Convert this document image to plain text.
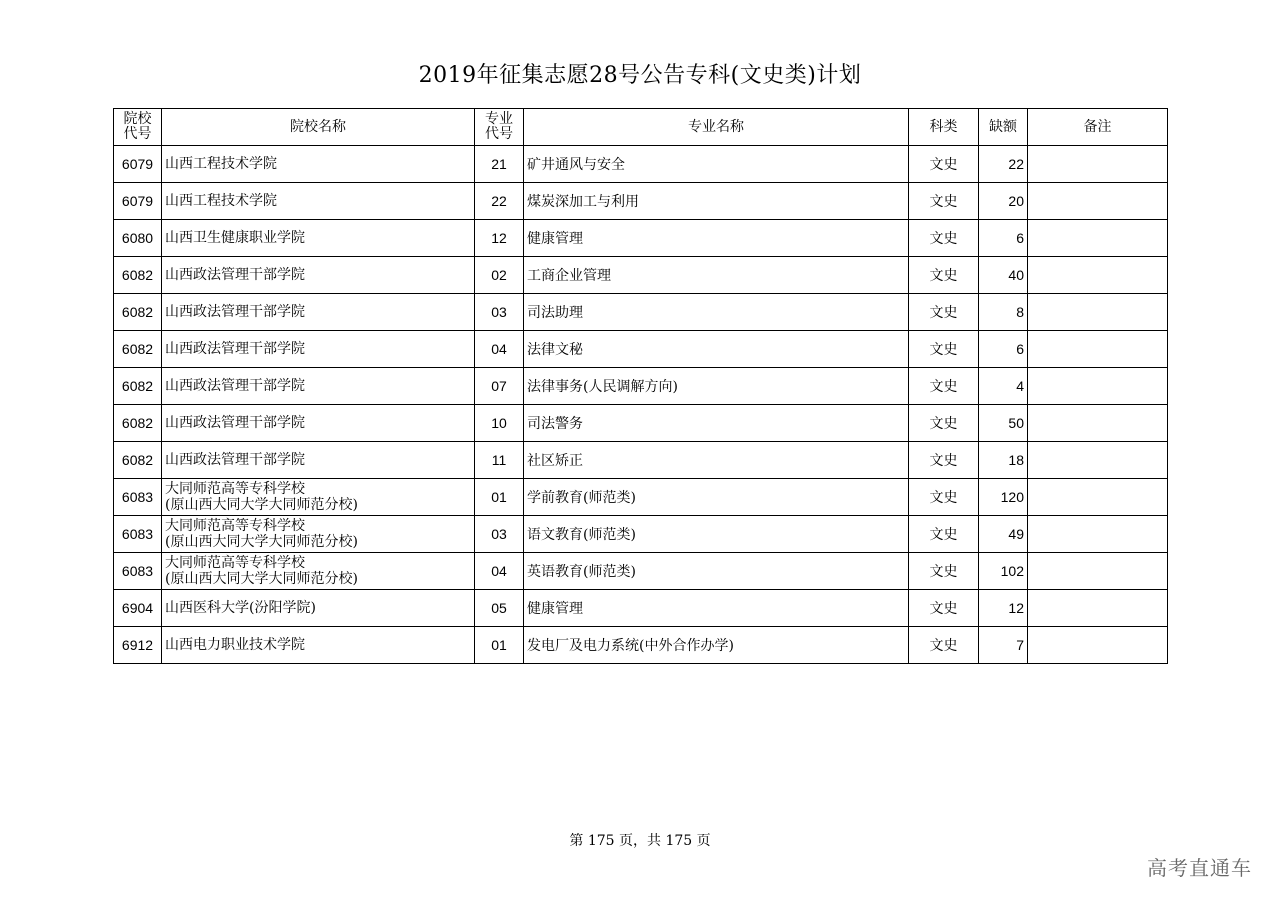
2019年征集志愿28号公告专科(文史类)计划
院校代号	院校名称	专业代号	专业名称	科类	缺额	备注
6079	山西工程技术学院	21	矿井通风与安全	文史	22	
6079	山西工程技术学院	22	煤炭深加工与利用	文史	20	
6080	山西卫生健康职业学院	12	健康管理	文史	6	
6082	山西政法管理干部学院	02	工商企业管理	文史	40	
6082	山西政法管理干部学院	03	司法助理	文史	8	
6082	山西政法管理干部学院	04	法律文秘	文史	6	
6082	山西政法管理干部学院	07	法律事务(人民调解方向)	文史	4	
6082	山西政法管理干部学院	10	司法警务	文史	50	
6082	山西政法管理干部学院	11	社区矫正	文史	18	
6083	大同师范高等专科学校
(原山西大同大学大同师范分校)	01	学前教育(师范类)	文史	120	
6083	大同师范高等专科学校
(原山西大同大学大同师范分校)	03	语文教育(师范类)	文史	49	
6083	大同师范高等专科学校
(原山西大同大学大同师范分校)	04	英语教育(师范类)	文史	102	
6904	山西医科大学(汾阳学院)	05	健康管理	文史	12	
6912	山西电力职业技术学院	01	发电厂及电力系统(中外合作办学)	文史	7	
第 175 页，共 175 页
高考直通车
